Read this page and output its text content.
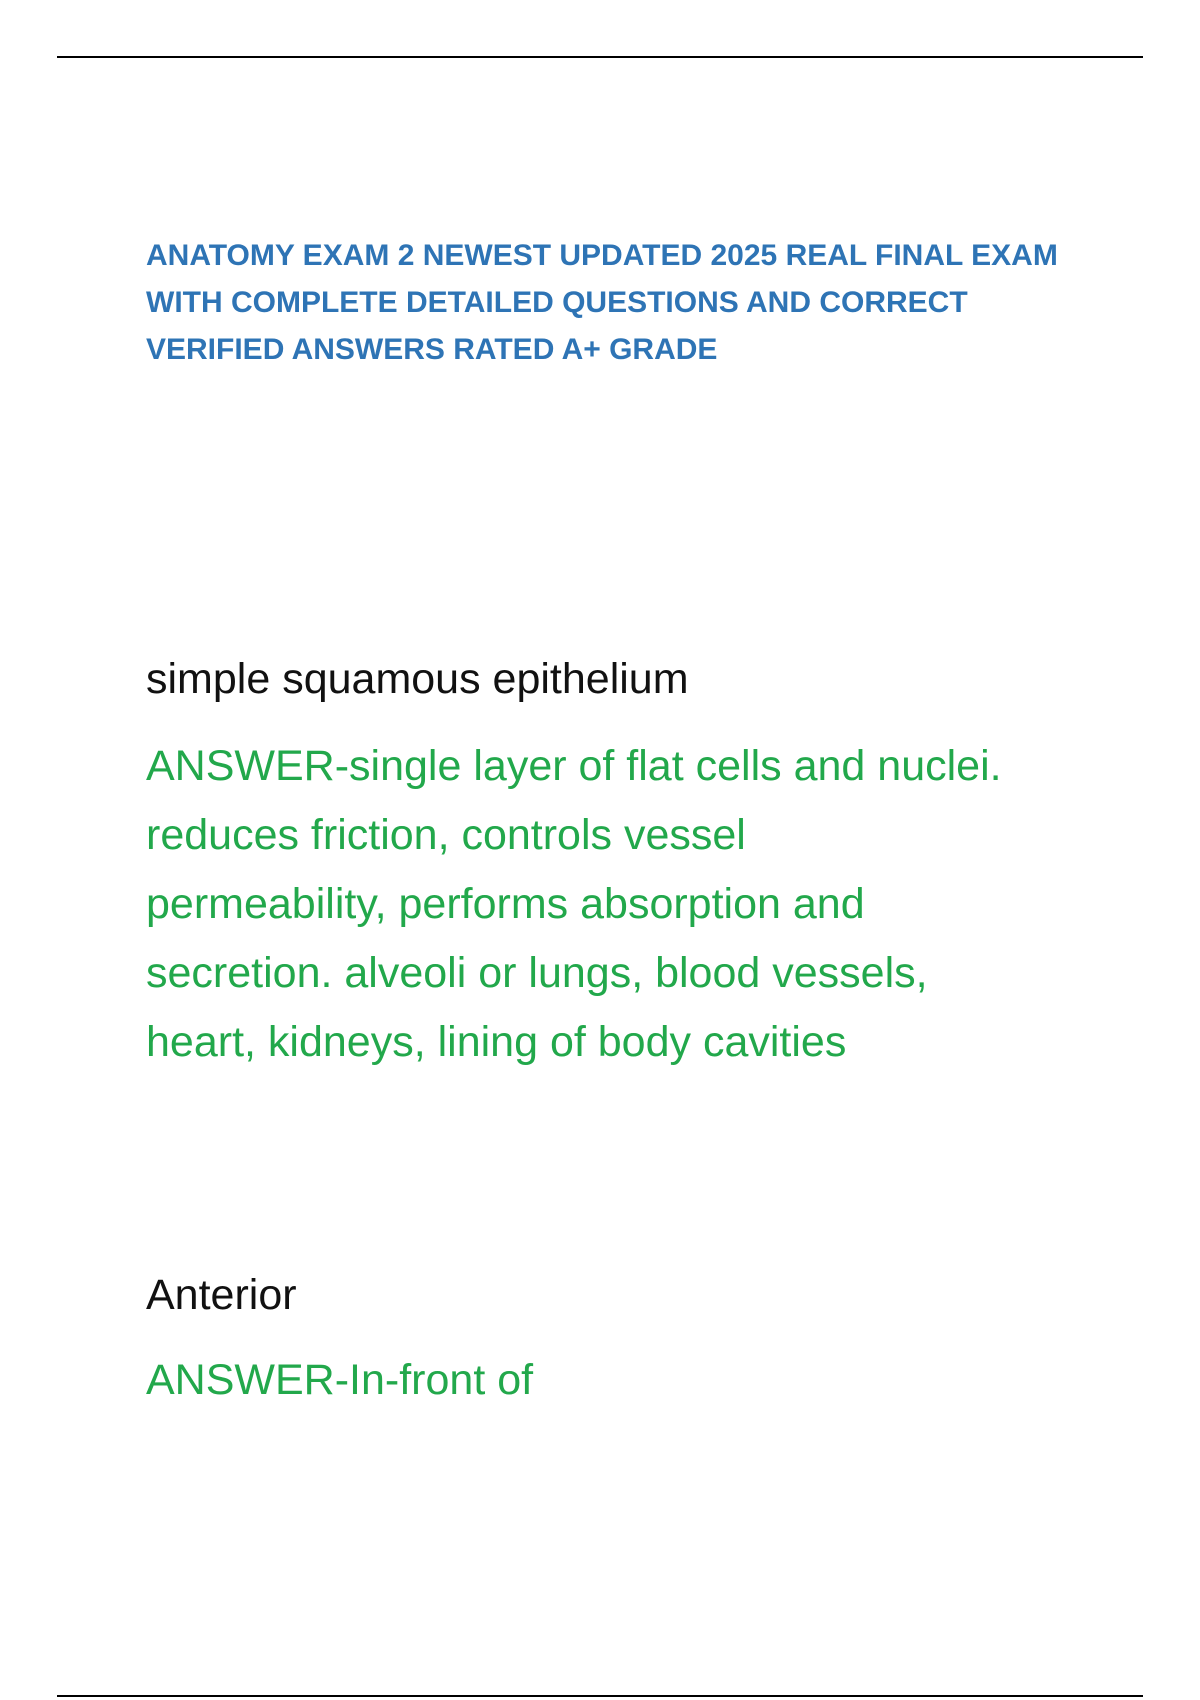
ANATOMY EXAM 2 NEWEST UPDATED 2025 REAL FINAL EXAM
WITH COMPLETE DETAILED QUESTIONS AND CORRECT
VERIFIED ANSWERS RATED A+ GRADE

simple squamous epithelium

ANSWER-single layer of flat cells and nuclei.
reduces friction, controls vessel
permeability, performs absorption and
secretion. alveoli or lungs, blood vessels,
heart, kidneys, lining of body cavities

Anterior

ANSWER-In-front of
